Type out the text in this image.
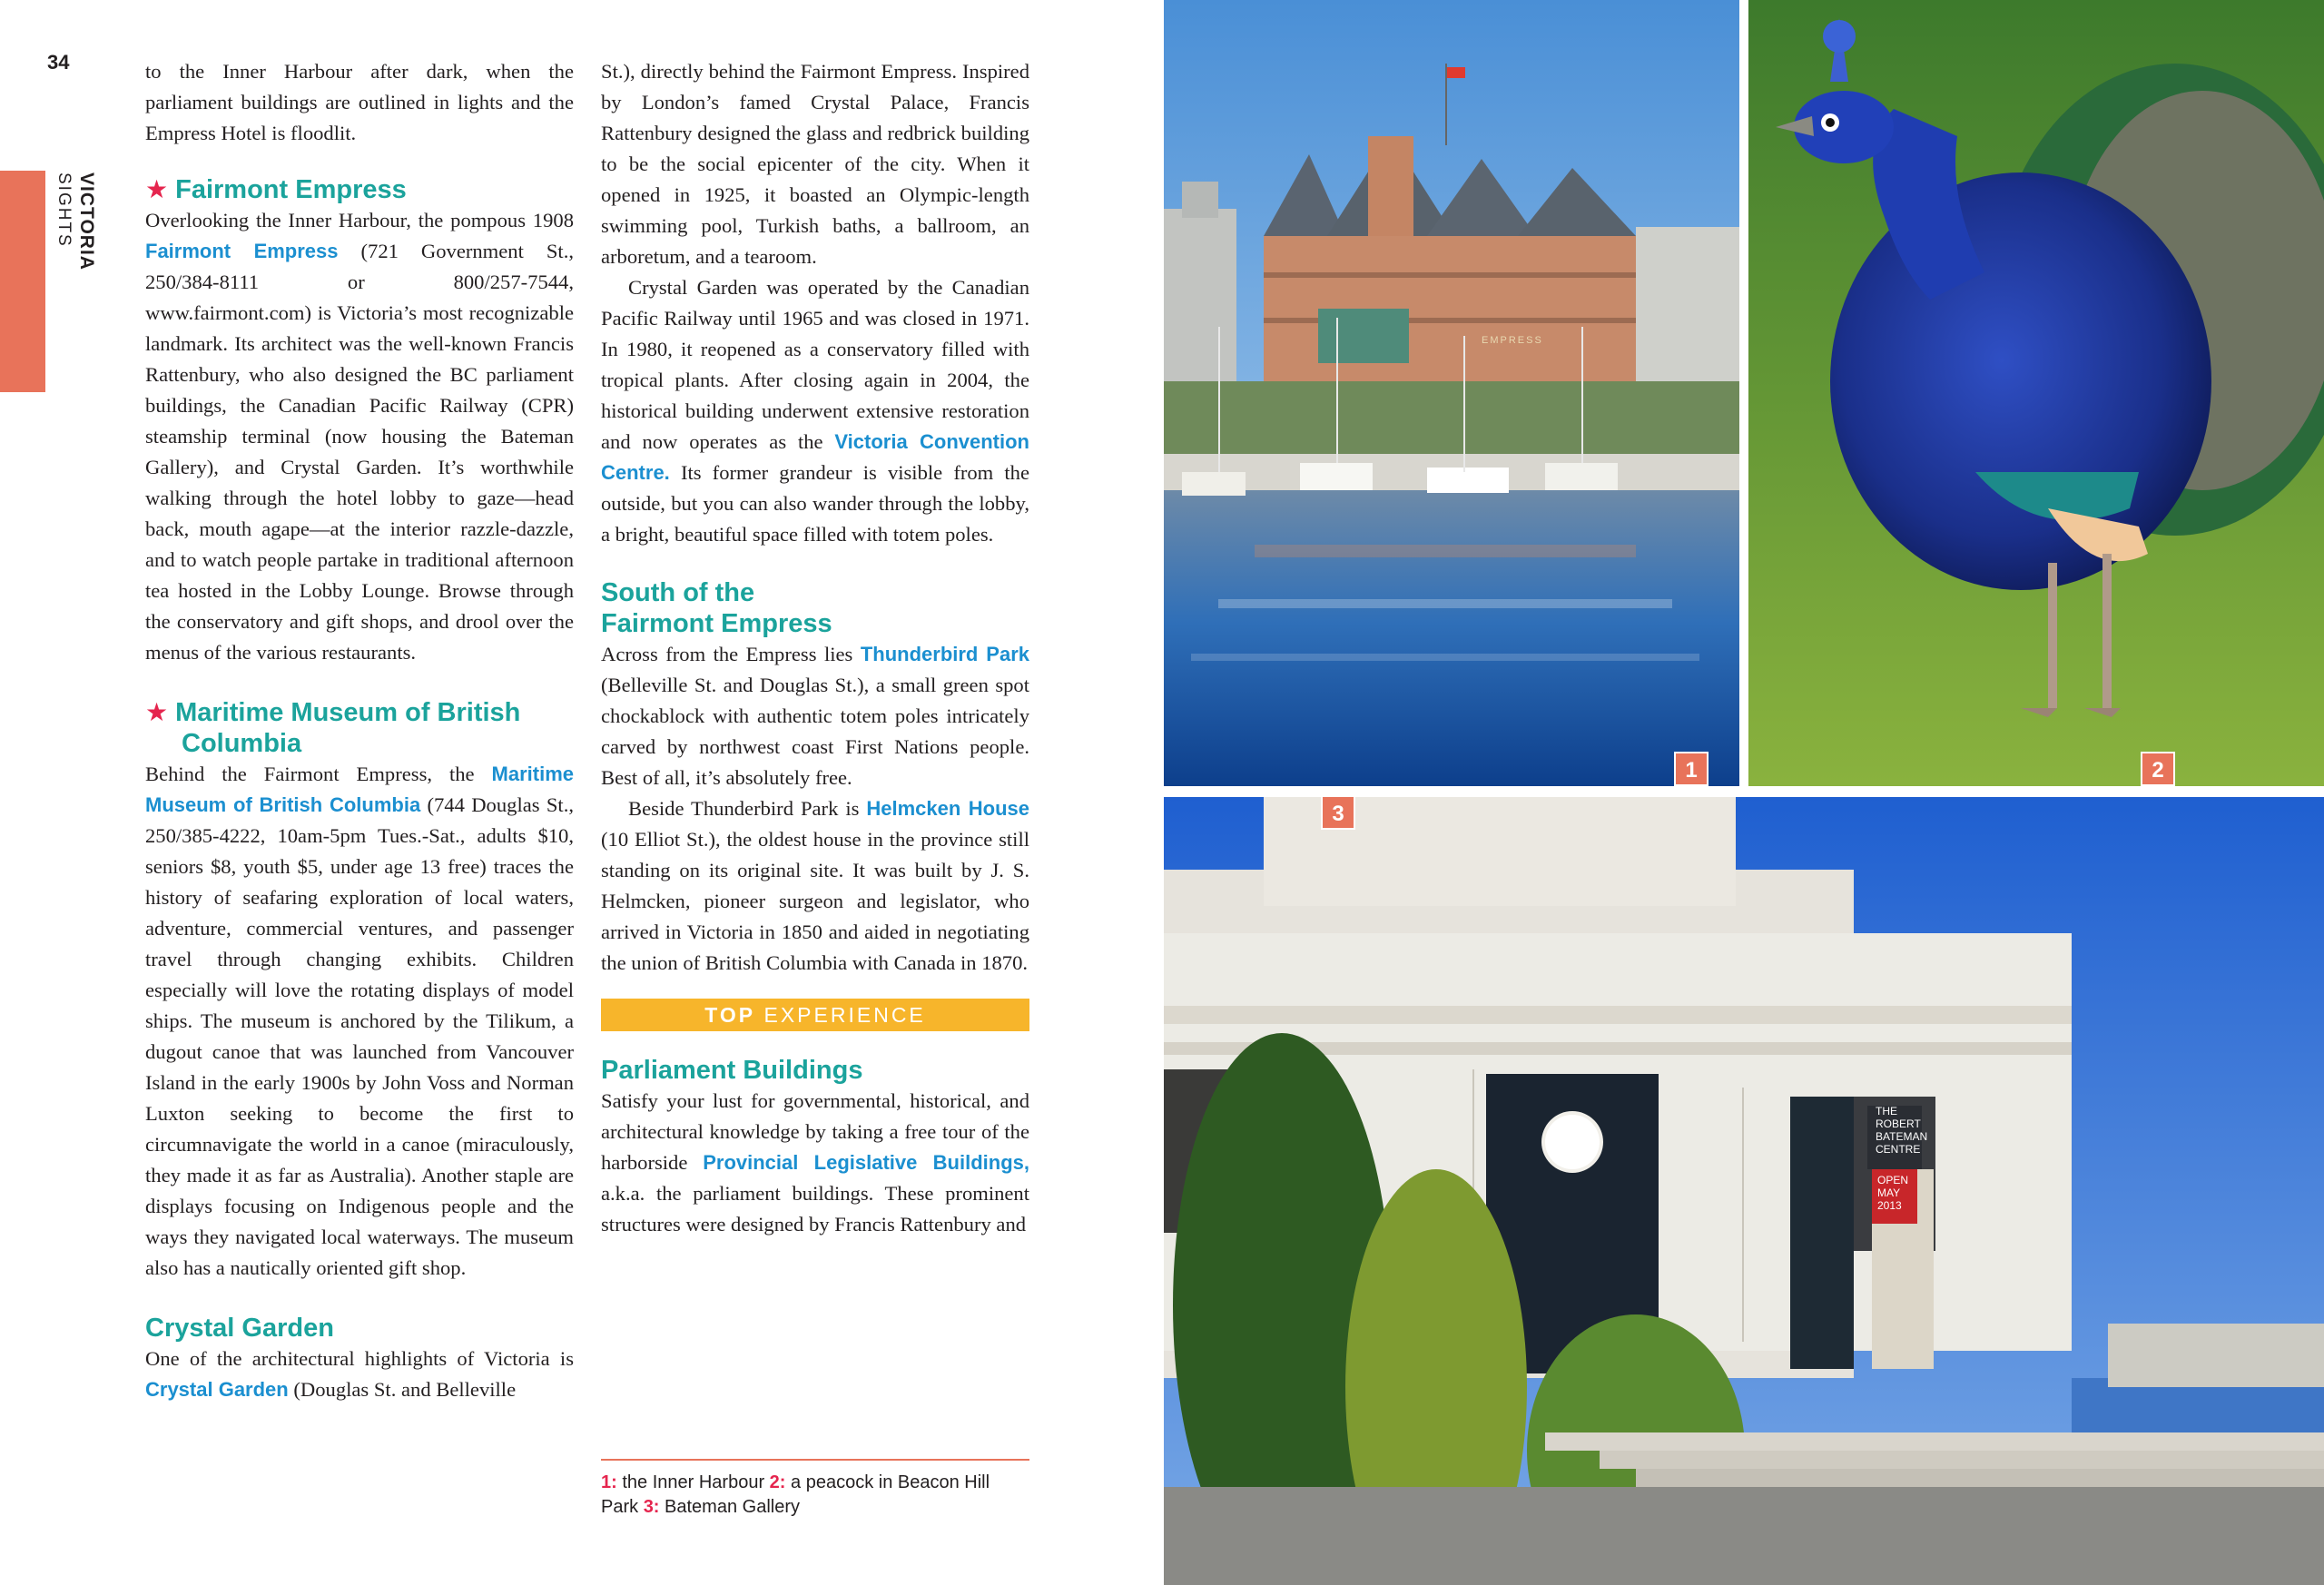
34
VICTORIA
SIGHTS

to the Inner Harbour after dark, when the parliament buildings are outlined in lights and the Empress Hotel is floodlit.

★ Fairmont Empress

Overlooking the Inner Harbour, the pompous 1908 Fairmont Empress (721 Government St., 250/384-8111 or 800/257-7544, www.fairmont.com) is Victoria’s most recognizable landmark. Its architect was the well-known Francis Rattenbury, who also designed the BC parliament buildings, the Canadian Pacific Railway (CPR) steamship terminal (now housing the Bateman Gallery), and Crystal Garden. It’s worthwhile walking through the hotel lobby to gaze—head back, mouth agape—at the interior razzle-dazzle, and to watch people partake in traditional afternoon tea hosted in the Lobby Lounge. Browse through the conservatory and gift shops, and drool over the menus of the various restaurants.

★ Maritime Museum of British Columbia

Behind the Fairmont Empress, the Maritime Museum of British Columbia (744 Douglas St., 250/385-4222, 10am-5pm Tues.-Sat., adults $10, seniors $8, youth $5, under age 13 free) traces the history of seafaring exploration of local waters, adventure, commercial ventures, and passenger travel through changing exhibits. Children especially will love the rotating displays of model ships. The museum is anchored by the Tilikum, a dugout canoe that was launched from Vancouver Island in the early 1900s by John Voss and Norman Luxton seeking to become the first to circumnavigate the world in a canoe (miraculously, they made it as far as Australia). Another staple are displays focusing on Indigenous people and the ways they navigated local waterways. The museum also has a nautically oriented gift shop.

Crystal Garden

One of the architectural highlights of Victoria is Crystal Garden (Douglas St. and Belleville

St.), directly behind the Fairmont Empress. Inspired by London’s famed Crystal Palace, Francis Rattenbury designed the glass and redbrick building to be the social epicenter of the city. When it opened in 1925, it boasted an Olympic-length swimming pool, Turkish baths, a ballroom, an arboretum, and a tearoom.

Crystal Garden was operated by the Canadian Pacific Railway until 1965 and was closed in 1971. In 1980, it reopened as a conservatory filled with tropical plants. After closing again in 2004, the historical building underwent extensive restoration and now operates as the Victoria Convention Centre. Its former grandeur is visible from the outside, but you can also wander through the lobby, a bright, beautiful space filled with totem poles.

South of the
Fairmont Empress

Across from the Empress lies Thunderbird Park (Belleville St. and Douglas St.), a small green spot chockablock with authentic totem poles intricately carved by northwest coast First Nations people. Best of all, it’s absolutely free.

Beside Thunderbird Park is Helmcken House (10 Elliot St.), the oldest house in the province still standing on its original site. It was built by J. S. Helmcken, pioneer surgeon and legislator, who arrived in Victoria in 1850 and aided in negotiating the union of British Columbia with Canada in 1870.

TOP EXPERIENCE
Parliament Buildings

Satisfy your lust for governmental, historical, and architectural knowledge by taking a free tour of the harborside Provincial Legislative Buildings, a.k.a. the parliament buildings. These prominent structures were designed by Francis Rattenbury and

1: the Inner Harbour 2: a peacock in Beacon Hill Park 3: Bateman Gallery
EMPRESS
THE
ROBERT
BATEMAN
CENTRE
OPEN
MAY
2013
1	2
3
